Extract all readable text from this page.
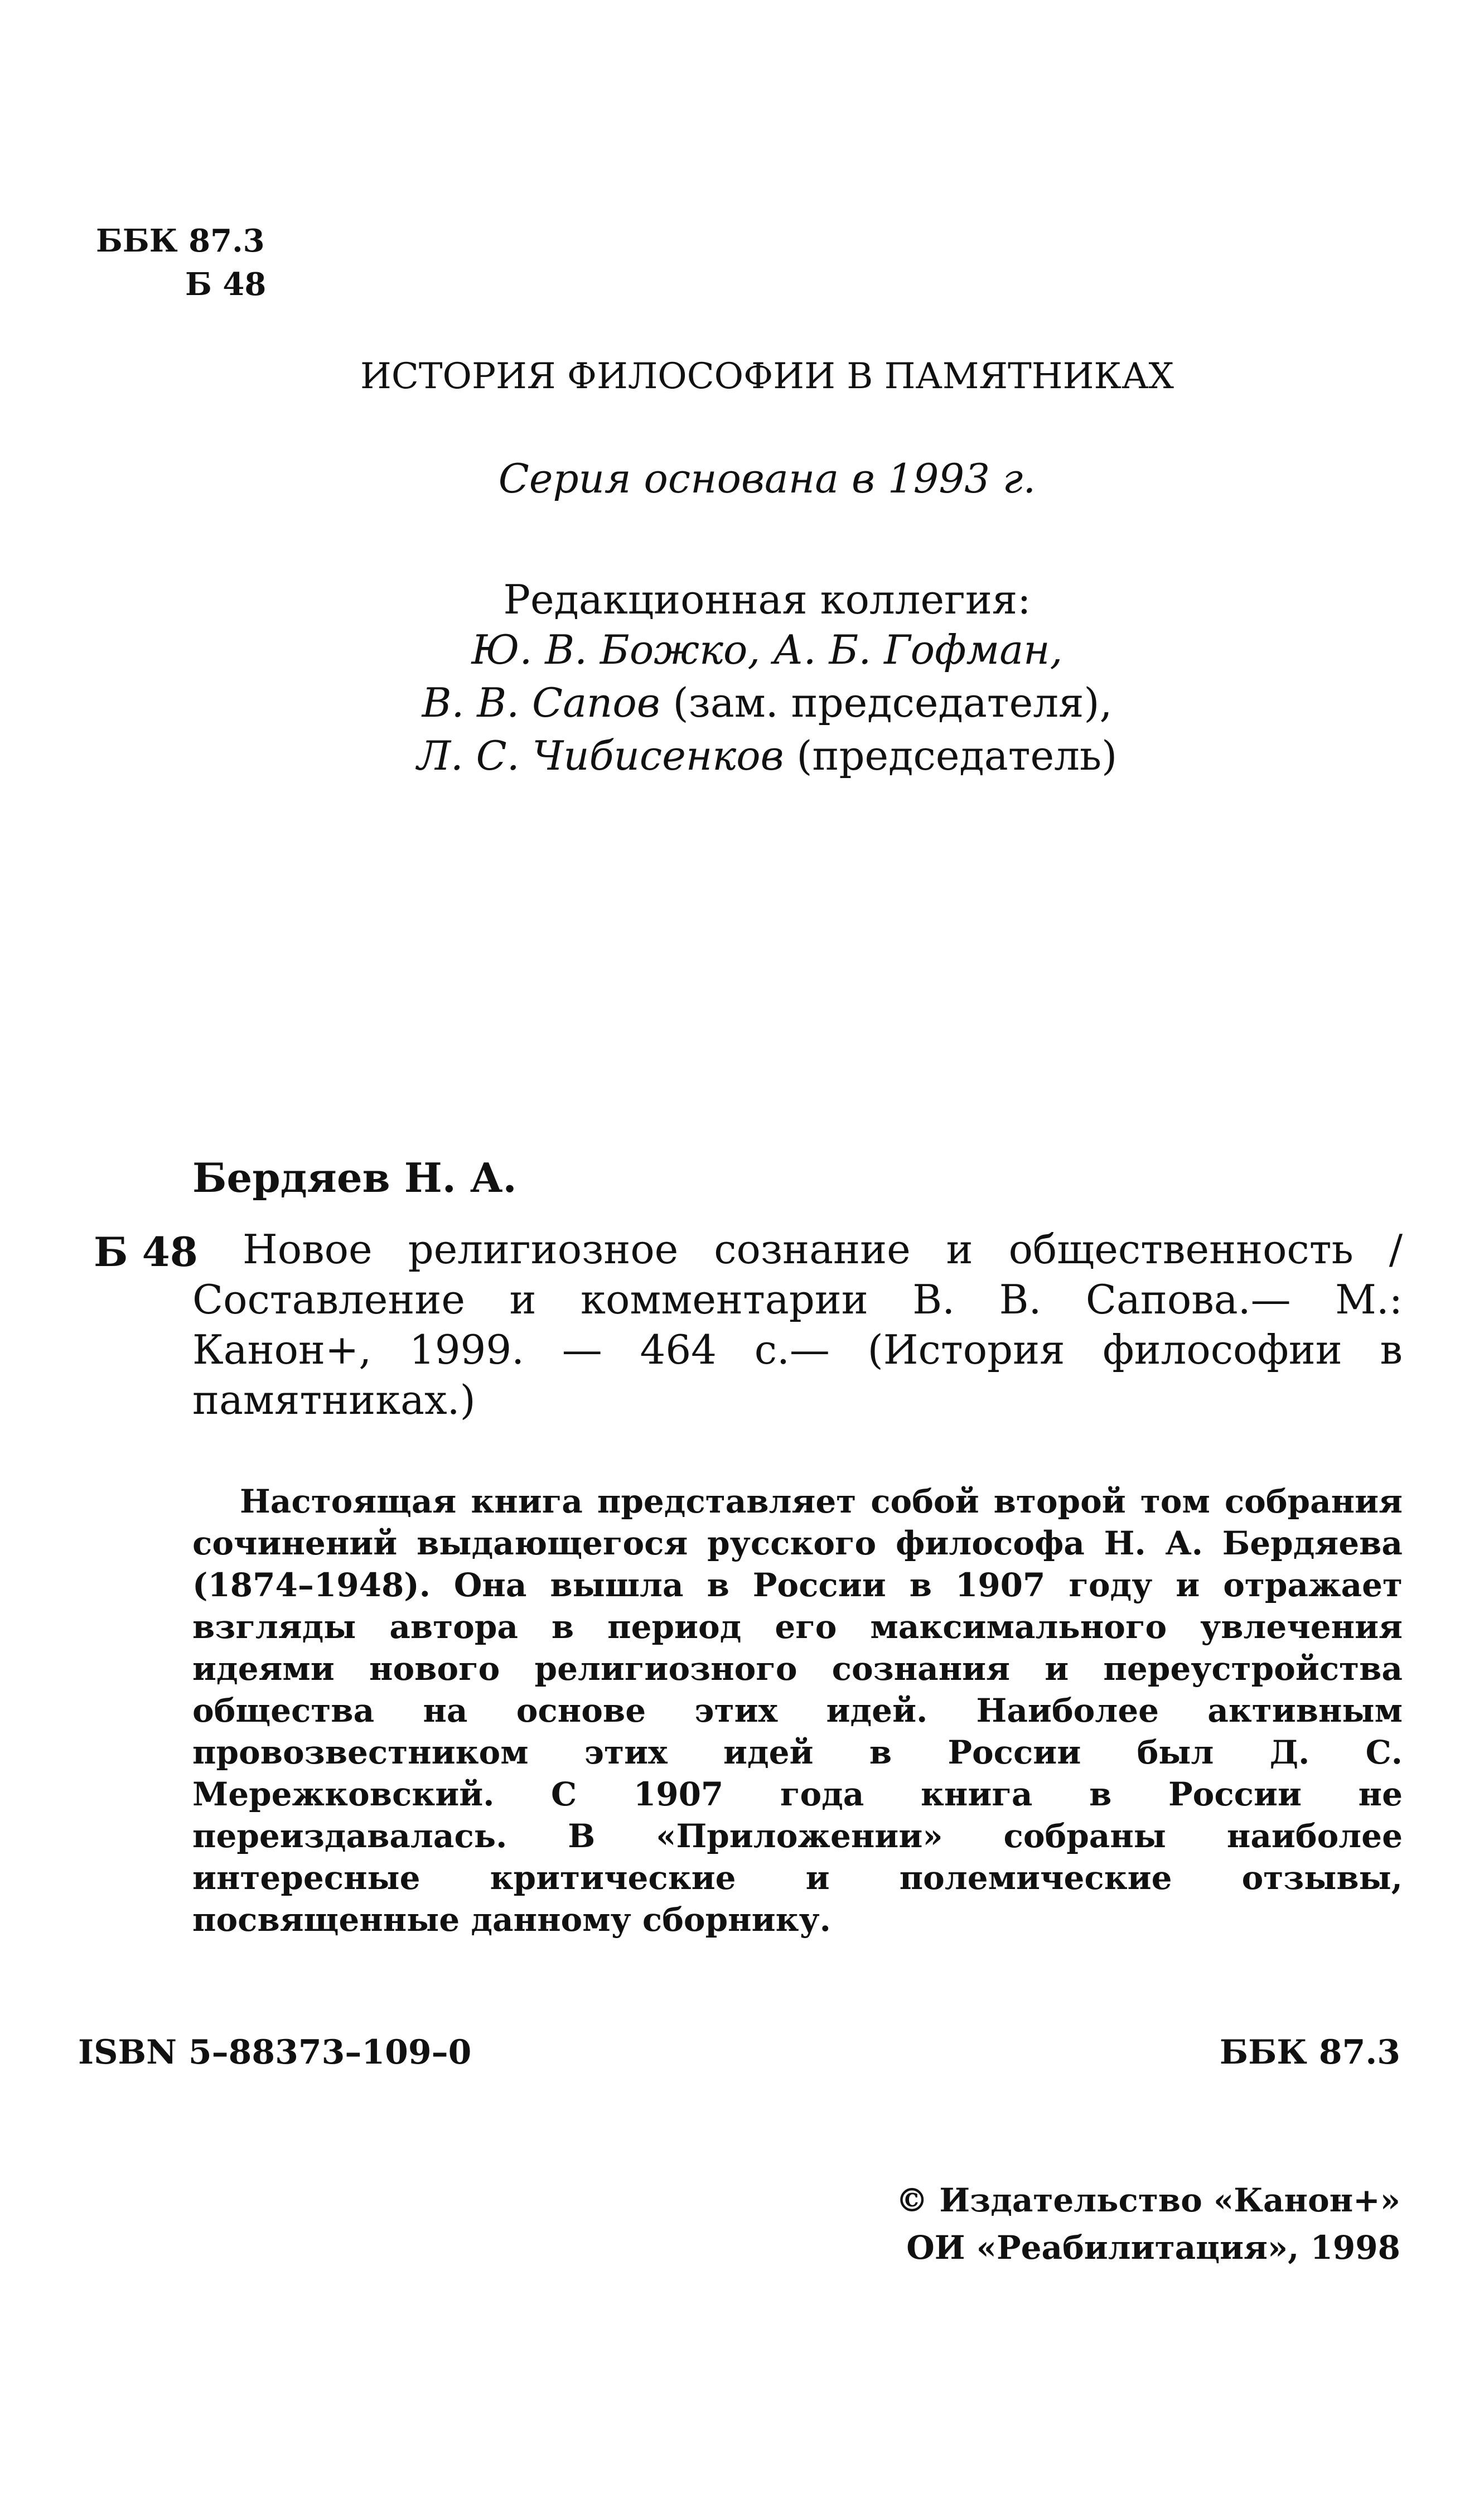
ББК 87.3
Б 48
ИСТОРИЯ ФИЛОСОФИИ В ПАМЯТНИКАХ
Серия основана в 1993 г.
Редакционная коллегия:
Ю. В. Божко, А. Б. Гофман,
В. В. Сапов (зам. председателя),
Л. С. Чибисенков (председатель)
Бердяев Н. А.
Б 48	Новое религиозное сознание и общественность / Составление и комментарии В. В. Сапова.— М.: Канон+, 1999. — 464 с.— (История философии в памятниках.)
Настоящая книга представляет собой второй том собрания сочинений выдающегося русского философа Н. А. Бердяева (1874–1948). Она вышла в России в 1907 году и отражает взгляды автора в период его максимального увлечения идеями нового религиозного сознания и переустройства общества на основе этих идей. Наиболее активным провозвестником этих идей в России был Д. С. Мережковский. С 1907 года книга в России не переиздавалась. В «Приложении» собраны наиболее интересные критические и полемические отзывы, посвященные данному сборнику.
ISBN 5–88373–109–0	ББК 87.3
© Издательство «Канон+»
ОИ «Реабилитация», 1998
